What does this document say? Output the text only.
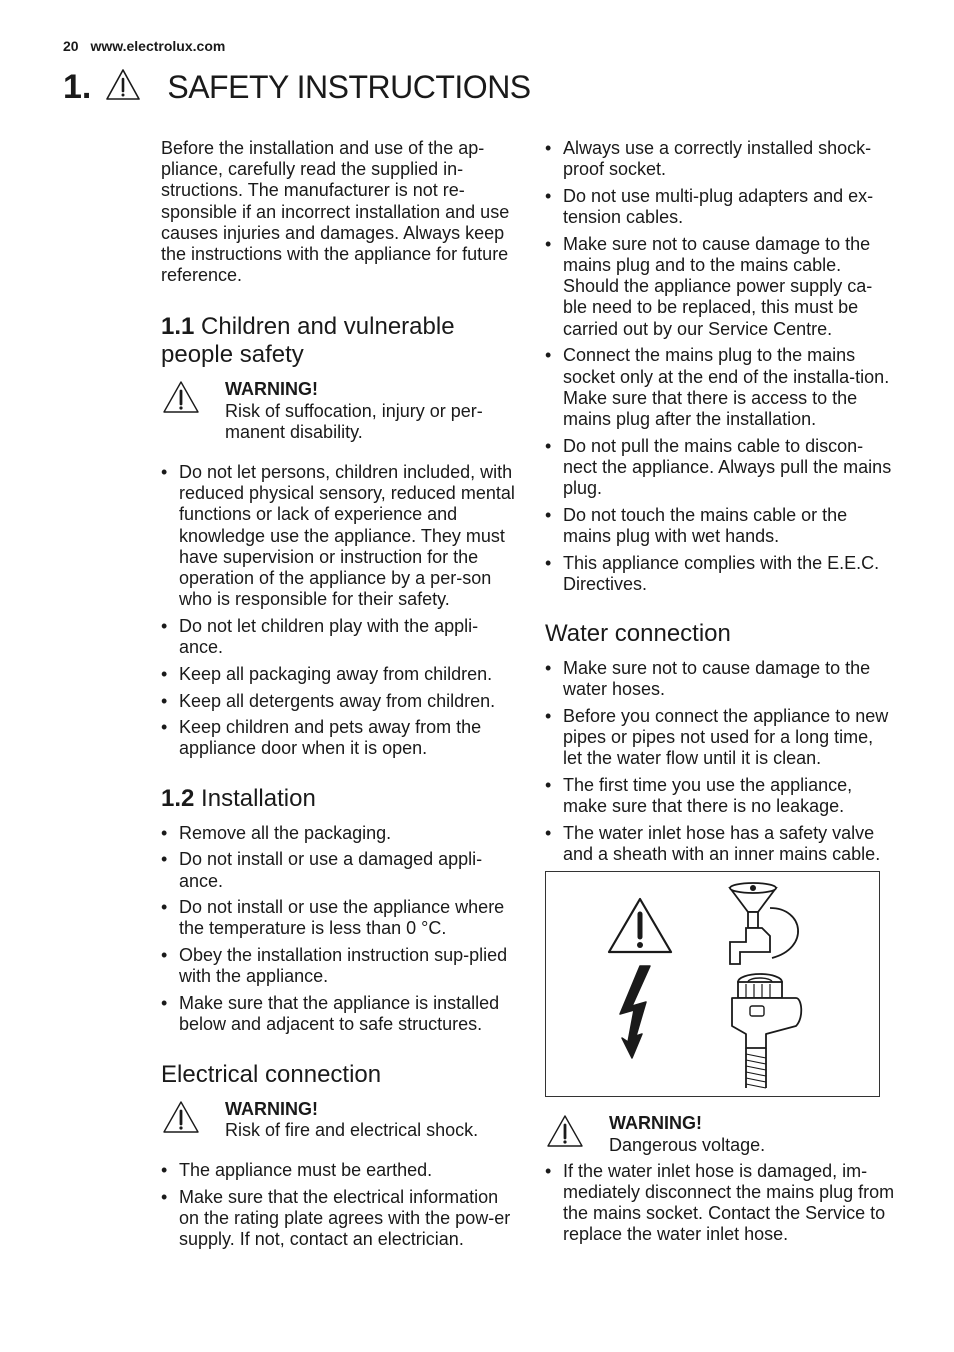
20 www.electrolux.com
1. SAFETY INSTRUCTIONS

Before the installation and use of the ap-pliance, carefully read the supplied in-structions. The manufacturer is not re-sponsible if an incorrect installation and use causes injuries and damages. Always keep the instructions with the appliance for future reference.

1.1 Children and vulnerable people safety
WARNING!
Risk of suffocation, injury or per-manent disability.
• Do not let persons, children included, with reduced physical sensory, reduced mental functions or lack of experience and knowledge use the appliance. They must have supervision or instruction for the operation of the appliance by a per-son who is responsible for their safety.
• Do not let children play with the appli-ance.
• Keep all packaging away from children.
• Keep all detergents away from children.
• Keep children and pets away from the appliance door when it is open.
1.2 Installation
• Remove all the packaging.
• Do not install or use a damaged appli-ance.
• Do not install or use the appliance where the temperature is less than 0 °C.
• Obey the installation instruction sup-plied with the appliance.
• Make sure that the appliance is installed below and adjacent to safe structures.
Electrical connection
WARNING!
Risk of fire and electrical shock.
• The appliance must be earthed.
• Make sure that the electrical information on the rating plate agrees with the pow-er supply. If not, contact an electrician.
• Always use a correctly installed shock-proof socket.
• Do not use multi-plug adapters and ex-tension cables.
• Make sure not to cause damage to the mains plug and to the mains cable. Should the appliance power supply ca-ble need to be replaced, this must be carried out by our Service Centre.
• Connect the mains plug to the mains socket only at the end of the installa-tion. Make sure that there is access to the mains plug after the installation.
• Do not pull the mains cable to discon-nect the appliance. Always pull the mains plug.
• Do not touch the mains cable or the mains plug with wet hands.
• This appliance complies with the E.E.C. Directives.
Water connection
• Make sure not to cause damage to the water hoses.
• Before you connect the appliance to new pipes or pipes not used for a long time, let the water flow until it is clean.
• The first time you use the appliance, make sure that there is no leakage.
• The water inlet hose has a safety valve and a sheath with an inner mains cable.
WARNING!
Dangerous voltage.
• If the water inlet hose is damaged, im-mediately disconnect the mains plug from the mains socket. Contact the Service to replace the water inlet hose.
